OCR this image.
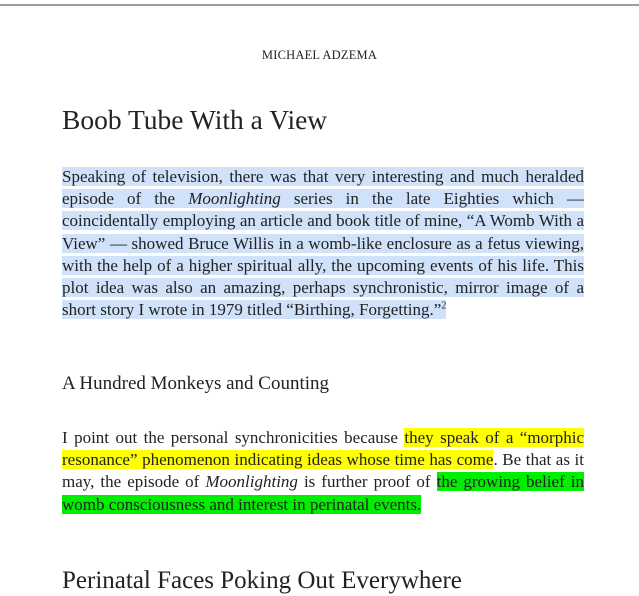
MICHAEL ADZEMA
Boob Tube With a View
Speaking of television, there was that very interesting and much heralded episode of the Moonlighting series in the late Eighties which — coincidentally employing an article and book title of mine, “A Womb With a View” — showed Bruce Willis in a womb-like enclosure as a fetus viewing, with the help of a higher spiritual ally, the upcoming events of his life. This plot idea was also an amazing, perhaps synchronistic, mirror image of a short story I wrote in 1979 titled “Birthing, Forgetting.”$^2$
A Hundred Monkeys and Counting
I point out the personal synchronicities because they speak of a “morphic resonance” phenomenon indicating ideas whose time has come. Be that as it may, the episode of Moonlighting is further proof of the growing belief in womb consciousness and interest in perinatal events.
Perinatal Faces Poking Out Everywhere
